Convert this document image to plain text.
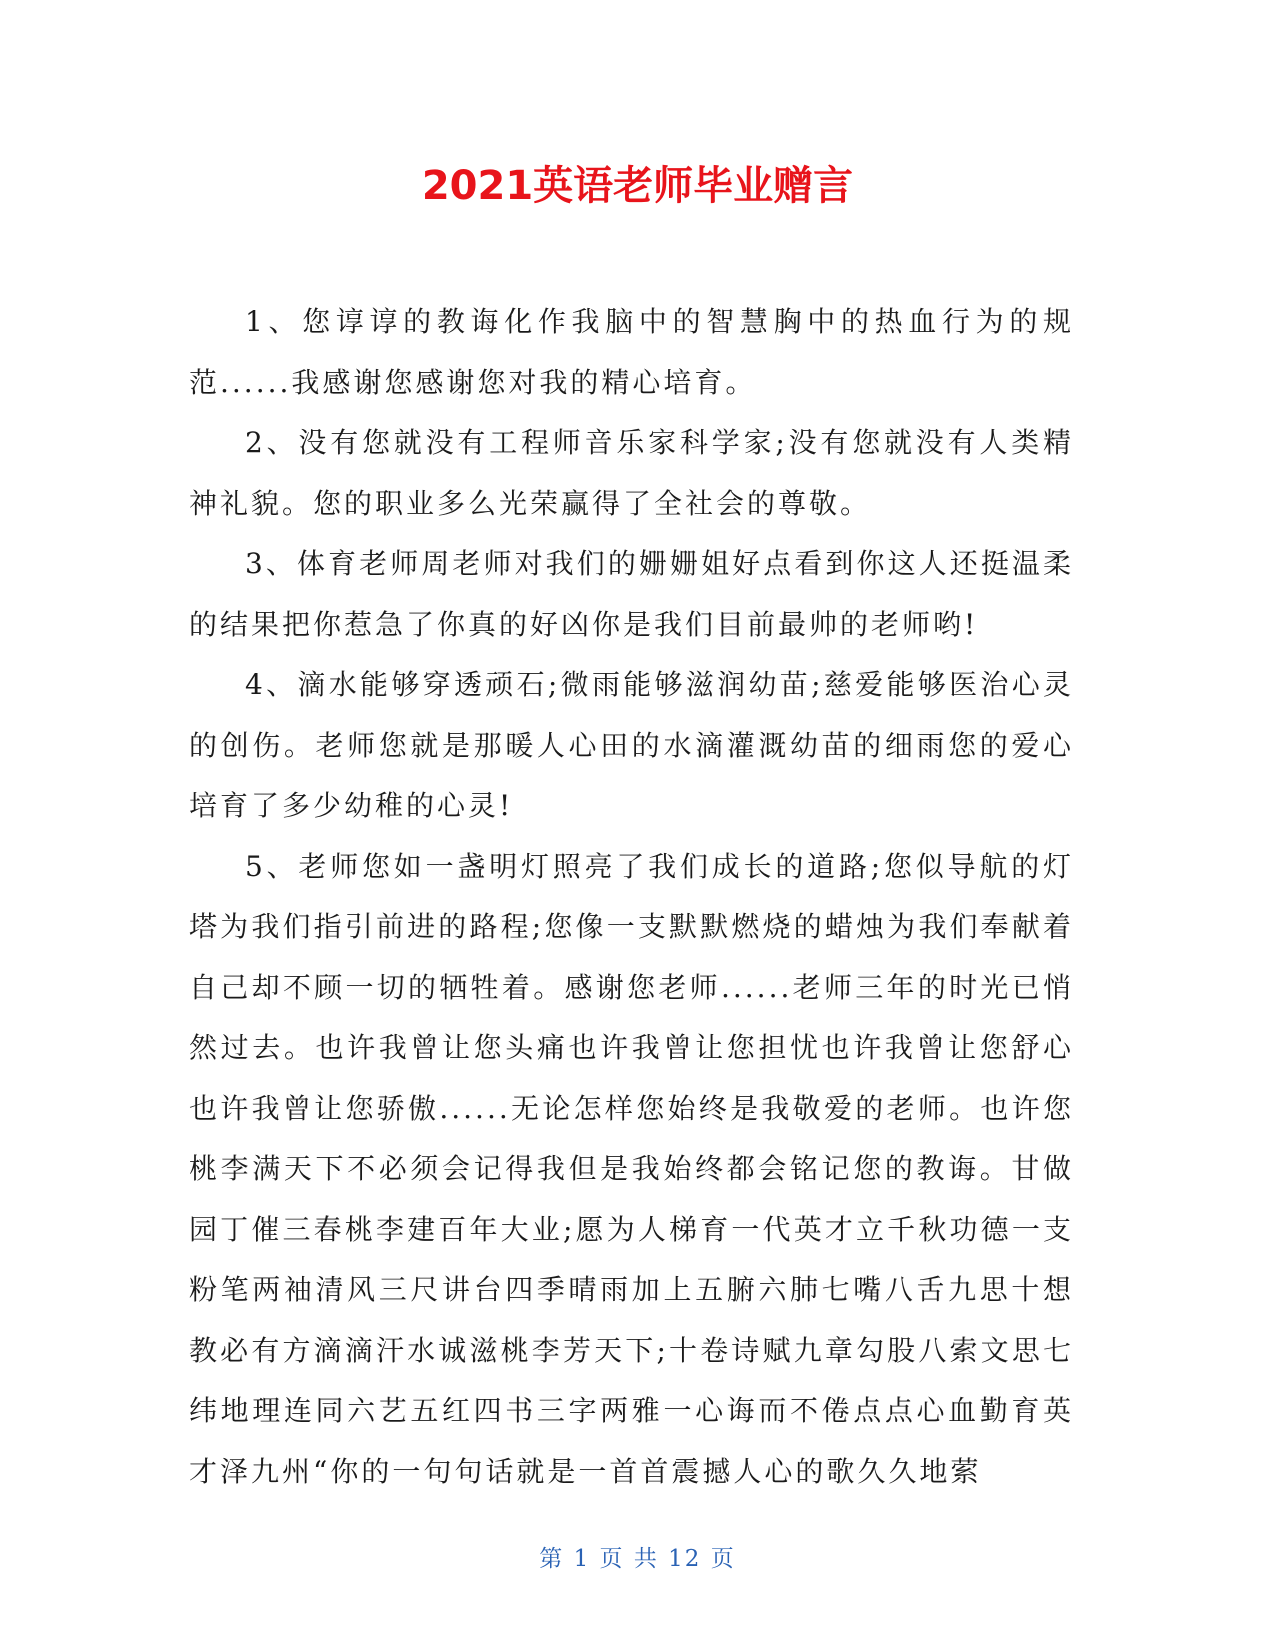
2021英语老师毕业赠言

1、您谆谆的教诲化作我脑中的智慧胸中的热血行为的规范......我感谢您感谢您对我的精心培育。

2、没有您就没有工程师音乐家科学家;没有您就没有人类精神礼貌。您的职业多么光荣赢得了全社会的尊敬。

3、体育老师周老师对我们的姗姗姐好点看到你这人还挺温柔的结果把你惹急了你真的好凶你是我们目前最帅的老师哟!

4、滴水能够穿透顽石;微雨能够滋润幼苗;慈爱能够医治心灵的创伤。老师您就是那暖人心田的水滴灌溉幼苗的细雨您的爱心培育了多少幼稚的心灵!

5、老师您如一盏明灯照亮了我们成长的道路;您似导航的灯塔为我们指引前进的路程;您像一支默默燃烧的蜡烛为我们奉献着自己却不顾一切的牺牲着。感谢您老师......老师三年的时光已悄然过去。也许我曾让您头痛也许我曾让您担忧也许我曾让您舒心也许我曾让您骄傲......无论怎样您始终是我敬爱的老师。也许您桃李满天下不必须会记得我但是我始终都会铭记您的教诲。甘做园丁催三春桃李建百年大业;愿为人梯育一代英才立千秋功德一支粉笔两袖清风三尺讲台四季晴雨加上五腑六肺七嘴八舌九思十想教必有方滴滴汗水诚滋桃李芳天下;十卷诗赋九章勾股八索文思七纬地理连同六艺五红四书三字两雅一心诲而不倦点点心血勤育英才泽九州“你的一句句话就是一首首震撼人心的歌久久地萦

第 1 页 共 12 页
